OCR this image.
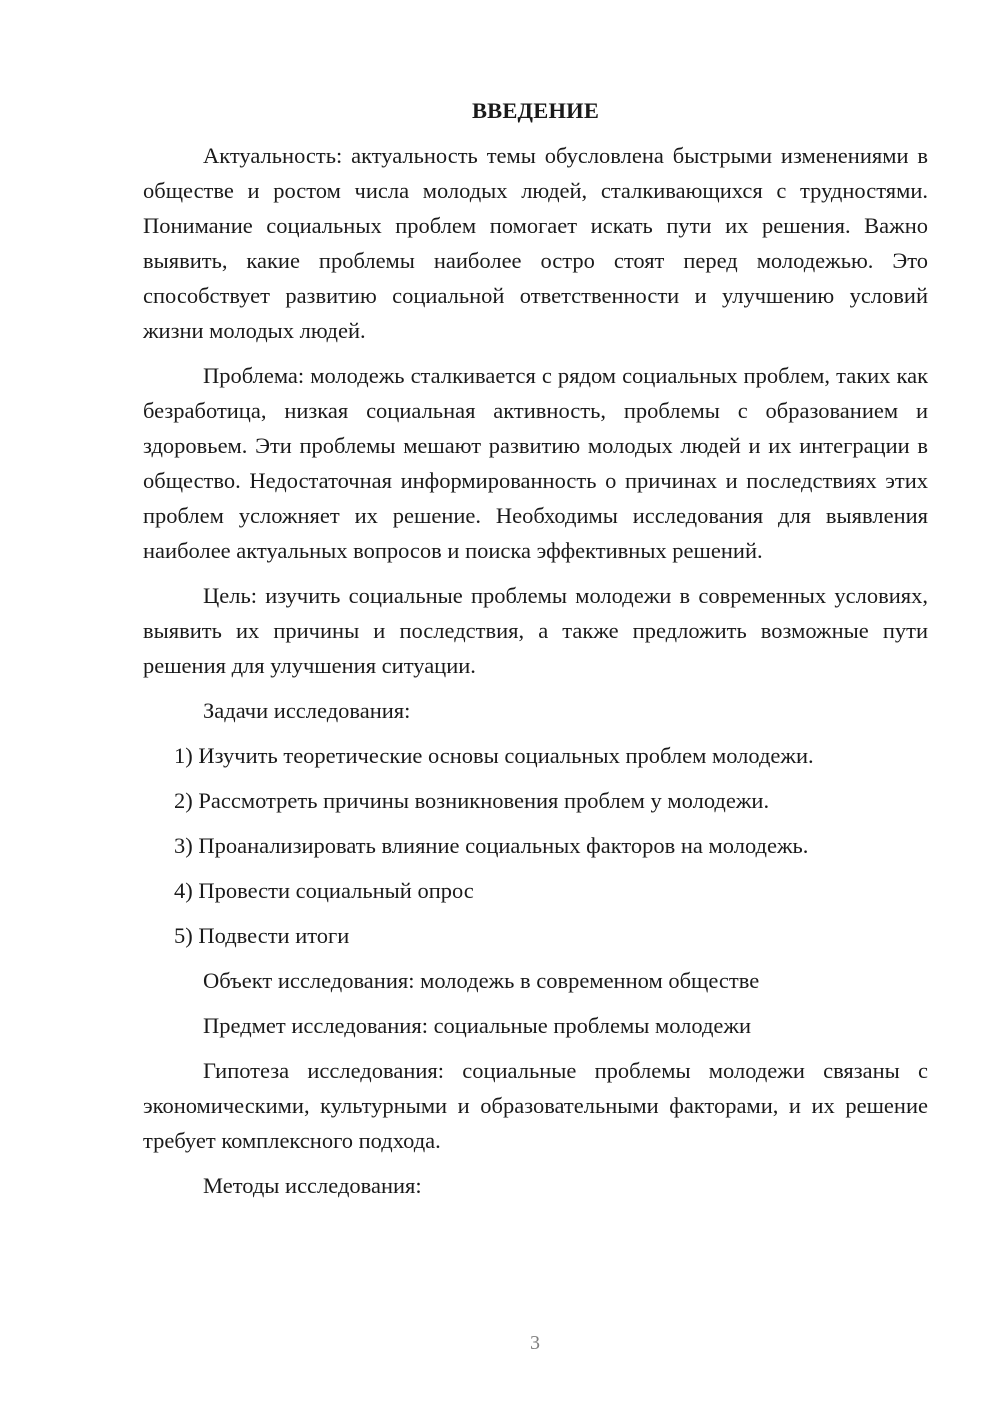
ВВЕДЕНИЕ

Актуальность: актуальность темы обусловлена быстрыми изменениями в обществе и ростом числа молодых людей, сталкивающихся с трудностями. Понимание социальных проблем помогает искать пути их решения. Важно выявить, какие проблемы наиболее остро стоят перед молодежью. Это способствует развитию социальной ответственности и улучшению условий жизни молодых людей.

Проблема: молодежь сталкивается с рядом социальных проблем, таких как безработица, низкая социальная активность, проблемы с образованием и здоровьем. Эти проблемы мешают развитию молодых людей и их интеграции в общество. Недостаточная информированность о причинах и последствиях этих проблем усложняет их решение. Необходимы исследования для выявления наиболее актуальных вопросов и поиска эффективных решений.

Цель: изучить социальные проблемы молодежи в современных условиях, выявить их причины и последствия, а также предложить возможные пути решения для улучшения ситуации.

Задачи исследования:

1) Изучить теоретические основы социальных проблем молодежи.
2) Рассмотреть причины возникновения проблем у молодежи.
3) Проанализировать влияние социальных факторов на молодежь.
4) Провести социальный опрос
5) Подвести итоги

Объект исследования: молодежь в современном обществе

Предмет исследования: социальные проблемы молодежи

Гипотеза исследования: социальные проблемы молодежи связаны с экономическими, культурными и образовательными факторами, и их решение требует комплексного подхода.

Методы исследования:

3
